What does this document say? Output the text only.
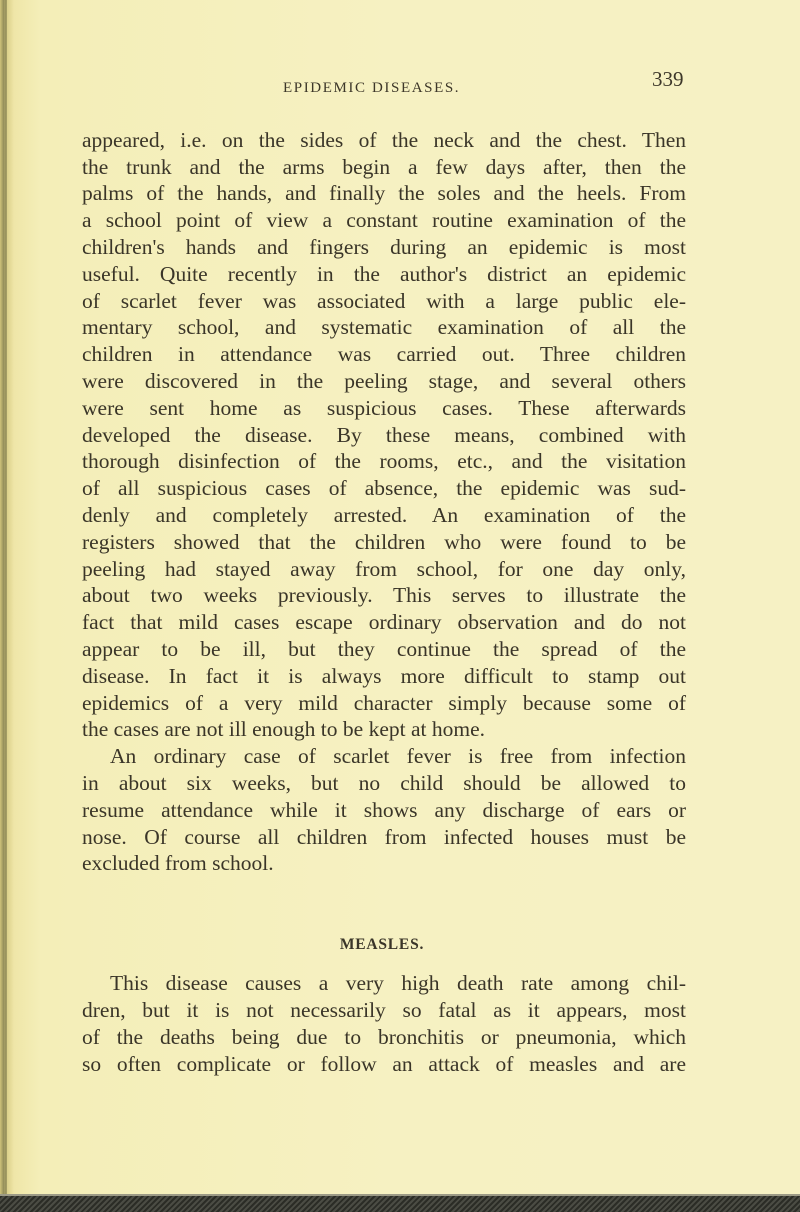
EPIDEMIC DISEASES.	339
appeared, i.e. on the sides of the neck and the chest. Then
the trunk and the arms begin a few days after, then the
palms of the hands, and finally the soles and the heels. From
a school point of view a constant routine examination of the
children's hands and fingers during an epidemic is most
useful. Quite recently in the author's district an epidemic
of scarlet fever was associated with a large public ele-
mentary school, and systematic examination of all the
children in attendance was carried out. Three children
were discovered in the peeling stage, and several others
were sent home as suspicious cases. These afterwards
developed the disease. By these means, combined with
thorough disinfection of the rooms, etc., and the visitation
of all suspicious cases of absence, the epidemic was sud-
denly and completely arrested. An examination of the
registers showed that the children who were found to be
peeling had stayed away from school, for one day only,
about two weeks previously. This serves to illustrate the
fact that mild cases escape ordinary observation and do not
appear to be ill, but they continue the spread of the
disease. In fact it is always more difficult to stamp out
epidemics of a very mild character simply because some of
the cases are not ill enough to be kept at home.
An ordinary case of scarlet fever is free from infection
in about six weeks, but no child should be allowed to
resume attendance while it shows any discharge of ears or
nose. Of course all children from infected houses must be
excluded from school.
MEASLES.
This disease causes a very high death rate among chil-
dren, but it is not necessarily so fatal as it appears, most
of the deaths being due to bronchitis or pneumonia, which
so often complicate or follow an attack of measles and are
